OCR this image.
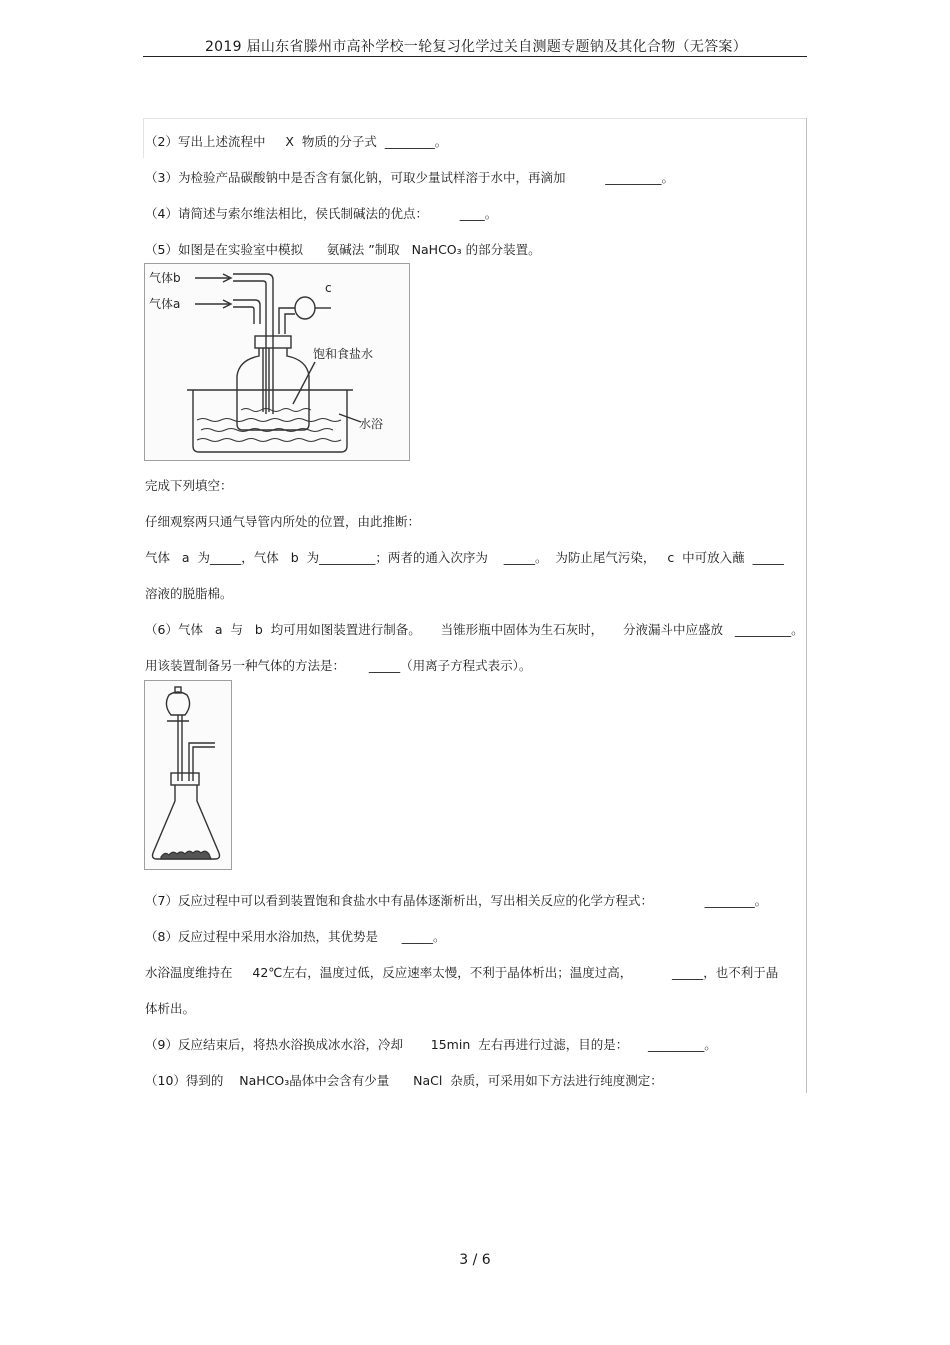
2019 届山东省滕州市高补学校一轮复习化学过关自测题专题钠及其化合物（无答案）
（2）写出上述流程中     X  物质的分子式  ________。
（3）为检验产品碳酸钠中是否含有氯化钠，可取少量试样溶于水中，再滴加          _________。
（4）请简述与索尔维法相比，侯氏制碱法的优点：        ____。
（5）如图是在实验室中模拟      氨碱法 ”制取   NaHCO₃ 的部分装置。
气体b
气体a
c
饱和食盐水
水浴
完成下列填空：
仔细观察两只通气导管内所处的位置，由此推断：
气体   a  为_____，气体   b  为_________；两者的通入次序为    _____。  为防止尾气污染，   c  中可放入蘸  _____
溶液的脱脂棉。
（6）气体   a  与   b  均可用如图装置进行制备。     当锥形瓶中固体为生石灰时，     分液漏斗中应盛放   _________。
用该装置制备另一种气体的方法是：      _____（用离子方程式表示）。
（7）反应过程中可以看到装置饱和食盐水中有晶体逐渐析出，写出相关反应的化学方程式：             ________。
（8）反应过程中采用水浴加热，其优势是      _____。
水浴温度维持在     42℃左右，温度过低，反应速率太慢，不利于晶体析出；温度过高，          _____，也不利于晶
体析出。
（9）反应结束后，将热水浴换成冰水浴，冷却       15min  左右再进行过滤，目的是：     _________。
（10）得到的    NaHCO₃晶体中会含有少量      NaCl  杂质，可采用如下方法进行纯度测定：
3 / 6
